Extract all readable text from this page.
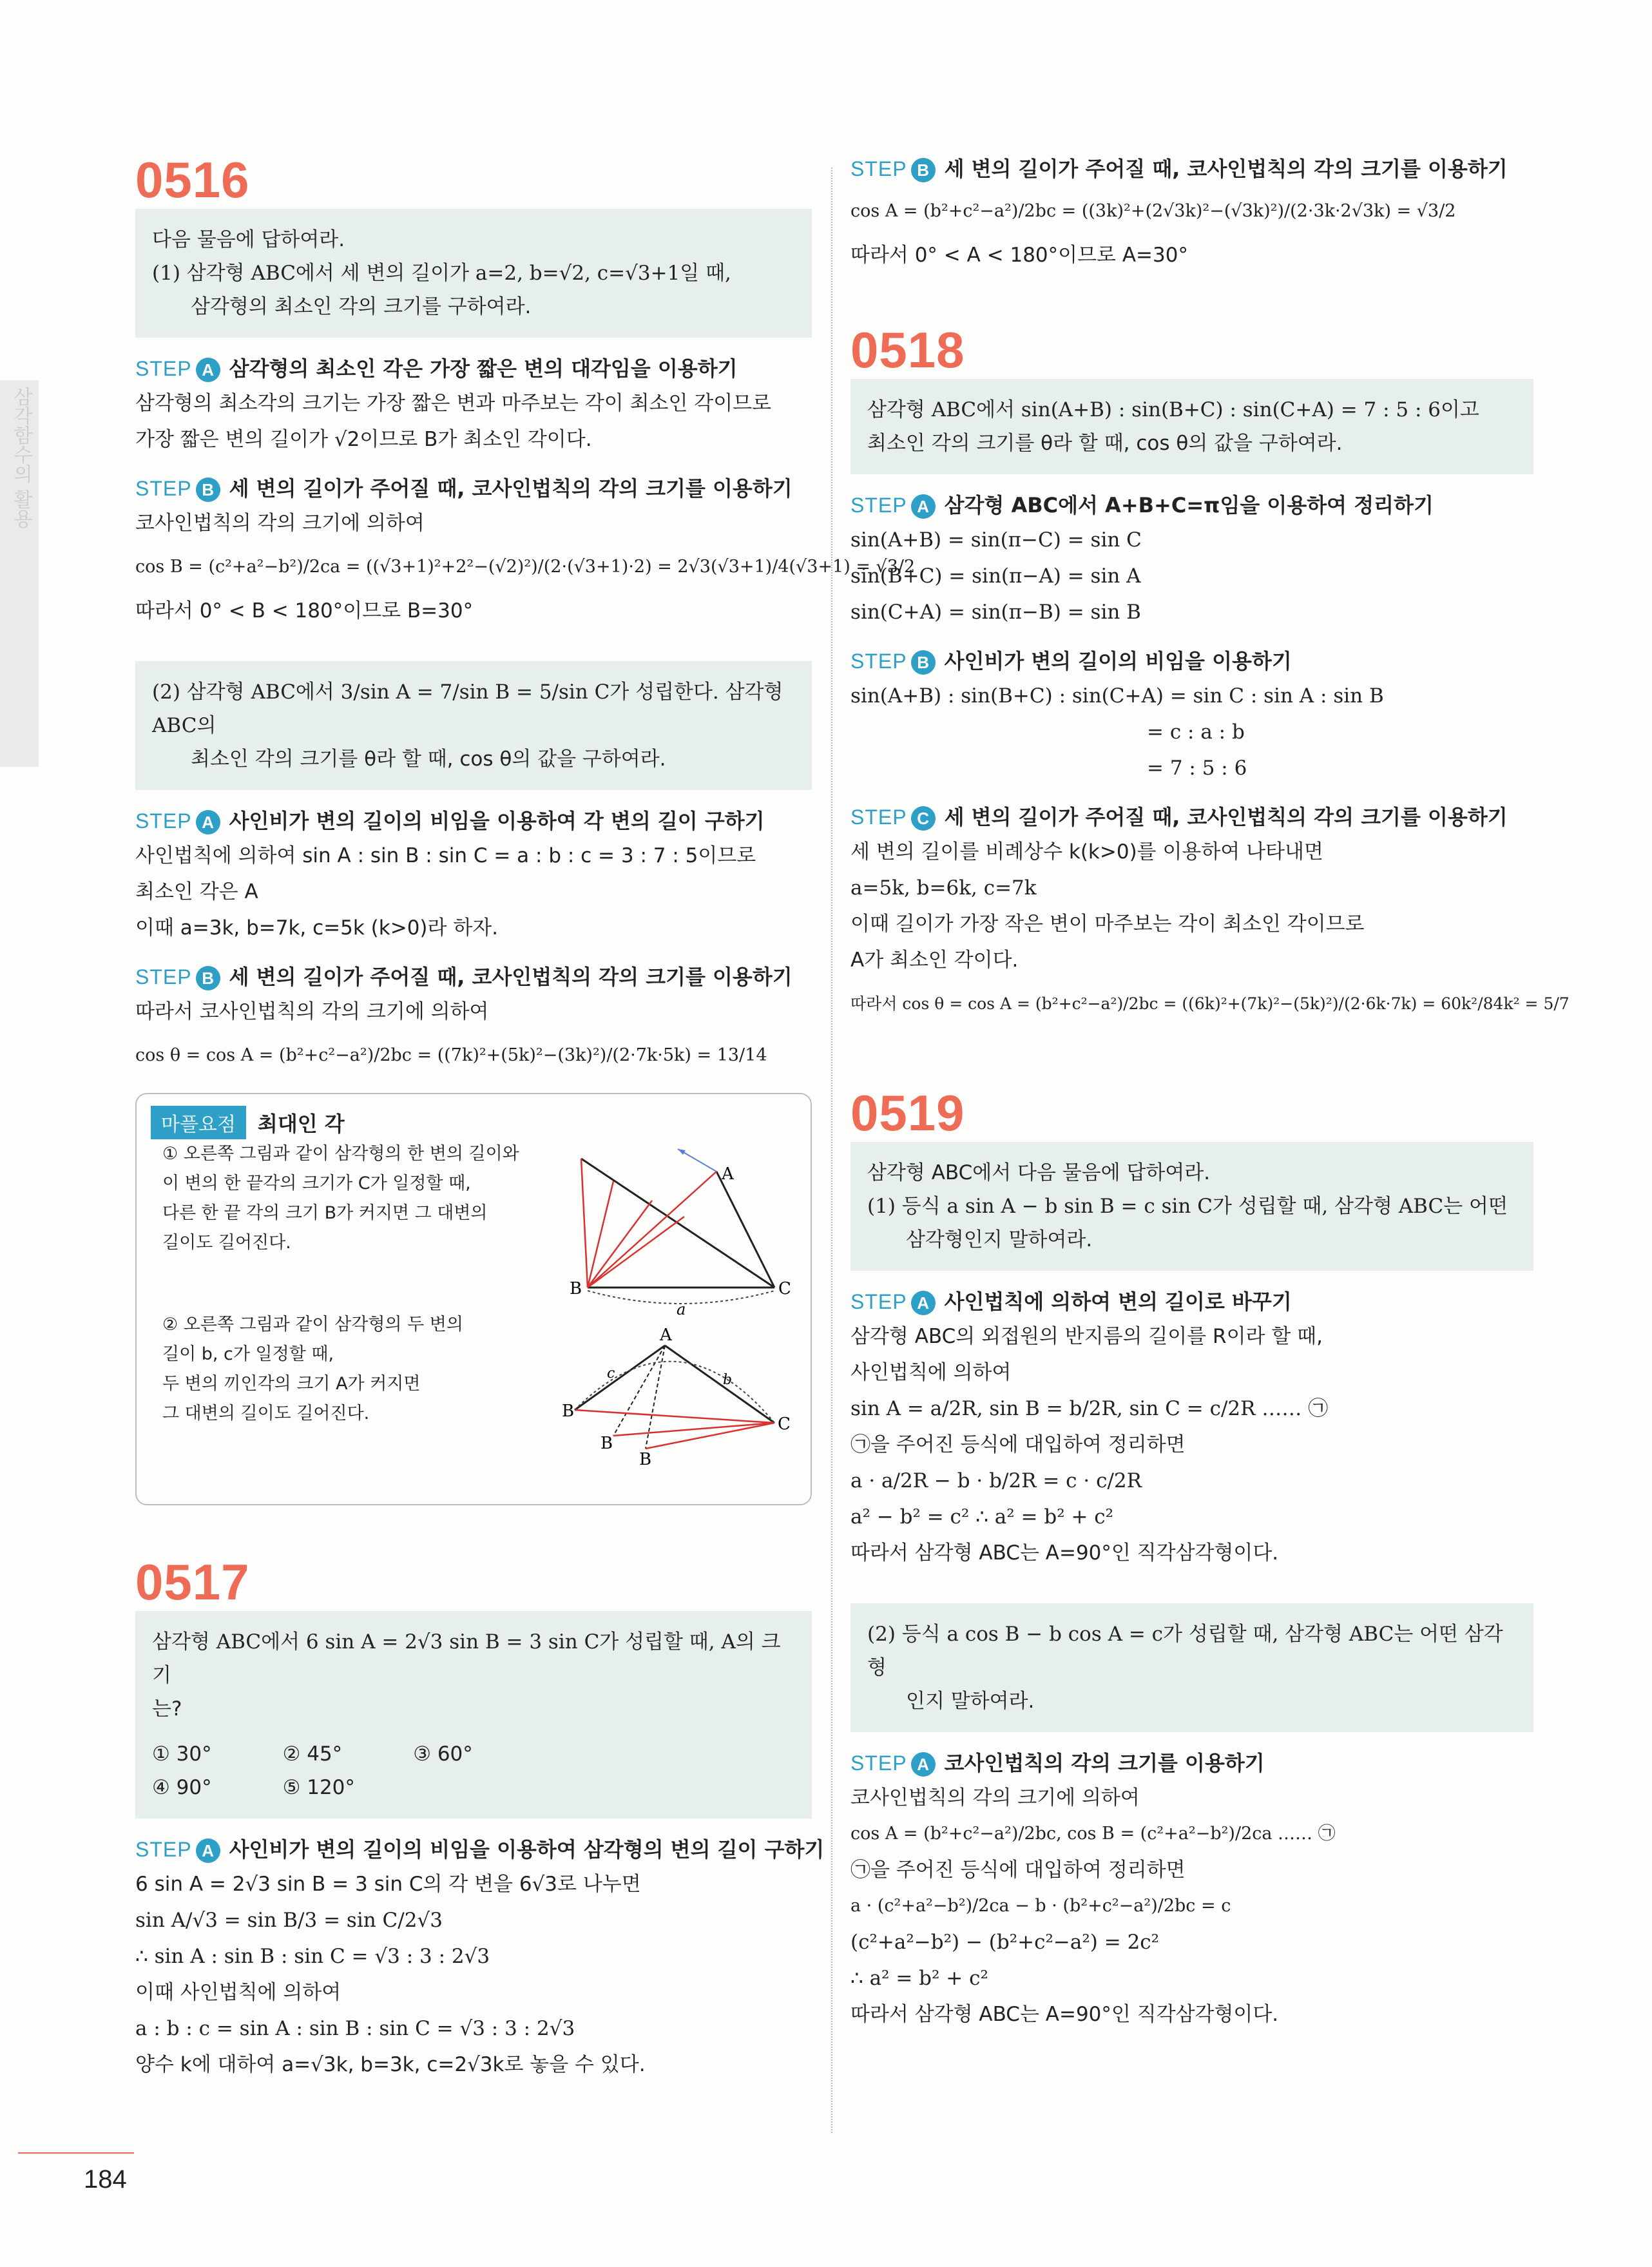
삼각함수의 활용
0516
다음 물음에 답하여라.
(1) 삼각형 ABC에서 세 변의 길이가 a=2, b=√2, c=√3+1일 때,
삼각형의 최소인 각의 크기를 구하여라.
STEP A 삼각형의 최소인 각은 가장 짧은 변의 대각임을 이용하기
삼각형의 최소각의 크기는 가장 짧은 변과 마주보는 각이 최소인 각이므로
가장 짧은 변의 길이가 √2이므로 B가 최소인 각이다.
STEP B 세 변의 길이가 주어질 때, 코사인법칙의 각의 크기를 이용하기
코사인법칙의 각의 크기에 의하여
cos B = (c²+a²−b²)/2ca = ((√3+1)²+2²−(√2)²)/(2·(√3+1)·2) = 2√3(√3+1)/4(√3+1) = √3/2
따라서 0° < B < 180°이므로 B=30°
(2) 삼각형 ABC에서 3/sin A = 7/sin B = 5/sin C가 성립한다. 삼각형 ABC의
최소인 각의 크기를 θ라 할 때, cos θ의 값을 구하여라.
STEP A 사인비가 변의 길이의 비임을 이용하여 각 변의 길이 구하기
사인법칙에 의하여 sin A : sin B : sin C = a : b : c = 3 : 7 : 5이므로
최소인 각은 A
이때 a=3k, b=7k, c=5k (k>0)라 하자.
STEP B 세 변의 길이가 주어질 때, 코사인법칙의 각의 크기를 이용하기
따라서 코사인법칙의 각의 크기에 의하여
cos θ = cos A = (b²+c²−a²)/2bc = ((7k)²+(5k)²−(3k)²)/(2·7k·5k) = 13/14
마플요점	최대인 각
① 오른쪽 그림과 같이 삼각형의 한 변의 길이와
이 변의 한 끝각의 크기가 C가 일정할 때,
다른 한 끝 각의 크기 B가 커지면 그 대변의
길이도 길어진다.
② 오른쪽 그림과 같이 삼각형의 두 변의
길이 b, c가 일정할 때,
두 변의 끼인각의 크기 A가 커지면
그 대변의 길이도 길어진다.
A
B	C
a
A
B
B
B
C
c	b
0517
삼각형 ABC에서 6 sin A = 2√3 sin B = 3 sin C가 성립할 때, A의 크기
는?
① 30°	② 45°	③ 60°
④ 90°	⑤ 120°
STEP A 사인비가 변의 길이의 비임을 이용하여 삼각형의 변의 길이 구하기
6 sin A = 2√3 sin B = 3 sin C의 각 변을 6√3로 나누면
sin A/√3 = sin B/3 = sin C/2√3
∴ sin A : sin B : sin C = √3 : 3 : 2√3
이때 사인법칙에 의하여
a : b : c = sin A : sin B : sin C = √3 : 3 : 2√3
양수 k에 대하여 a=√3k, b=3k, c=2√3k로 놓을 수 있다.
STEP B 세 변의 길이가 주어질 때, 코사인법칙의 각의 크기를 이용하기
cos A = (b²+c²−a²)/2bc = ((3k)²+(2√3k)²−(√3k)²)/(2·3k·2√3k) = √3/2
따라서 0° < A < 180°이므로 A=30°
0518
삼각형 ABC에서 sin(A+B) : sin(B+C) : sin(C+A) = 7 : 5 : 6이고
최소인 각의 크기를 θ라 할 때, cos θ의 값을 구하여라.
STEP A 삼각형 ABC에서 A+B+C=π임을 이용하여 정리하기
sin(A+B) = sin(π−C) = sin C
sin(B+C) = sin(π−A) = sin A
sin(C+A) = sin(π−B) = sin B
STEP B 사인비가 변의 길이의 비임을 이용하기
sin(A+B) : sin(B+C) : sin(C+A) = sin C : sin A : sin B
= c : a : b
= 7 : 5 : 6
STEP C 세 변의 길이가 주어질 때, 코사인법칙의 각의 크기를 이용하기
세 변의 길이를 비례상수 k(k>0)를 이용하여 나타내면
a=5k, b=6k, c=7k
이때 길이가 가장 작은 변이 마주보는 각이 최소인 각이므로
A가 최소인 각이다.
따라서 cos θ = cos A = (b²+c²−a²)/2bc = ((6k)²+(7k)²−(5k)²)/(2·6k·7k) = 60k²/84k² = 5/7
0519
삼각형 ABC에서 다음 물음에 답하여라.
(1) 등식 a sin A − b sin B = c sin C가 성립할 때, 삼각형 ABC는 어떤
삼각형인지 말하여라.
STEP A 사인법칙에 의하여 변의 길이로 바꾸기
삼각형 ABC의 외접원의 반지름의 길이를 R이라 할 때,
사인법칙에 의하여
sin A = a/2R, sin B = b/2R, sin C = c/2R …… ㉠
㉠을 주어진 등식에 대입하여 정리하면
a · a/2R − b · b/2R = c · c/2R
a² − b² = c² ∴ a² = b² + c²
따라서 삼각형 ABC는 A=90°인 직각삼각형이다.
(2) 등식 a cos B − b cos A = c가 성립할 때, 삼각형 ABC는 어떤 삼각형
인지 말하여라.
STEP A 코사인법칙의 각의 크기를 이용하기
코사인법칙의 각의 크기에 의하여
cos A = (b²+c²−a²)/2bc, cos B = (c²+a²−b²)/2ca …… ㉠
㉠을 주어진 등식에 대입하여 정리하면
a · (c²+a²−b²)/2ca − b · (b²+c²−a²)/2bc = c
(c²+a²−b²) − (b²+c²−a²) = 2c²
∴ a² = b² + c²
따라서 삼각형 ABC는 A=90°인 직각삼각형이다.
184
